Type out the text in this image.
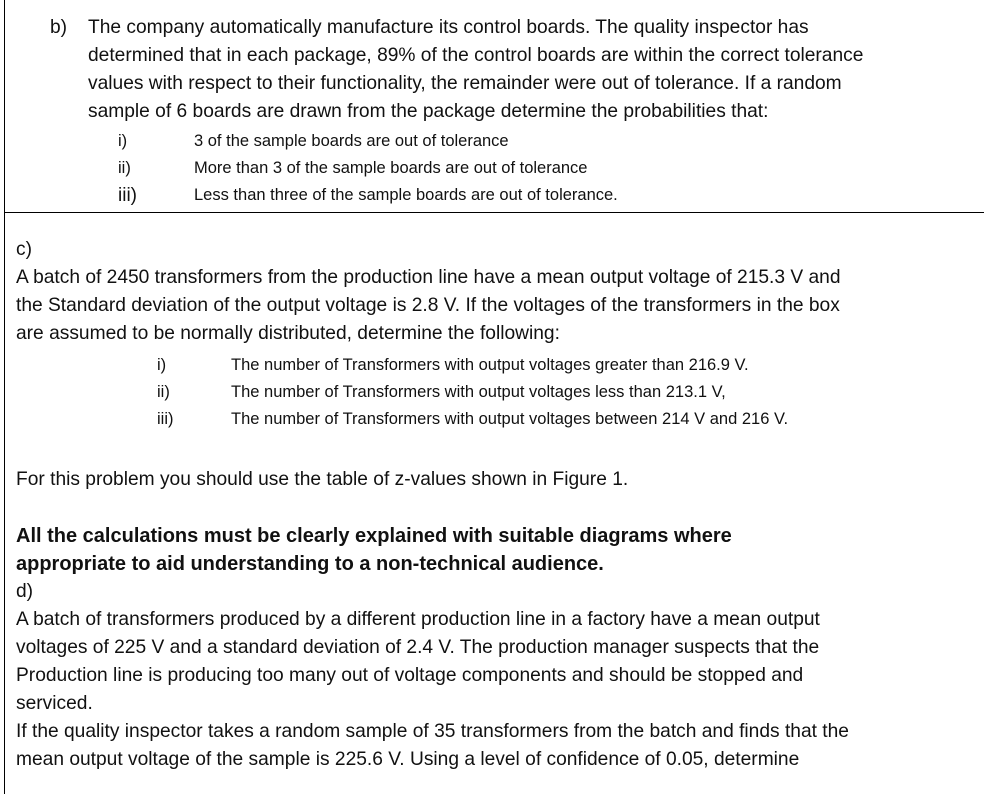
b) The company automatically manufacture its control boards. The quality inspector has
determined that in each package, 89% of the control boards are within the correct tolerance
values with respect to their functionality, the remainder were out of tolerance. If a random
sample of 6 boards are drawn from the package determine the probabilities that:
i)	3 of the sample boards are out of tolerance
ii)	More than 3 of the sample boards are out of tolerance
iii)	Less than three of the sample boards are out of tolerance.
c)
A batch of 2450 transformers from the production line have a mean output voltage of 215.3 V and
the Standard deviation of the output voltage is 2.8 V. If the voltages of the transformers in the box
are assumed to be normally distributed, determine the following:
i)	The number of Transformers with output voltages greater than 216.9 V.
ii)	The number of Transformers with output voltages less than 213.1 V,
iii)	The number of Transformers with output voltages between 214 V and 216 V.
For this problem you should use the table of z-values shown in Figure 1.
All the calculations must be clearly explained with suitable diagrams where
appropriate to aid understanding to a non-technical audience.
d)
A batch of transformers produced by a different production line in a factory have a mean output
voltages of 225 V and a standard deviation of 2.4 V. The production manager suspects that the
Production line is producing too many out of voltage components and should be stopped and
serviced.
If the quality inspector takes a random sample of 35 transformers from the batch and finds that the
mean output voltage of the sample is 225.6 V. Using a level of confidence of 0.05, determine
